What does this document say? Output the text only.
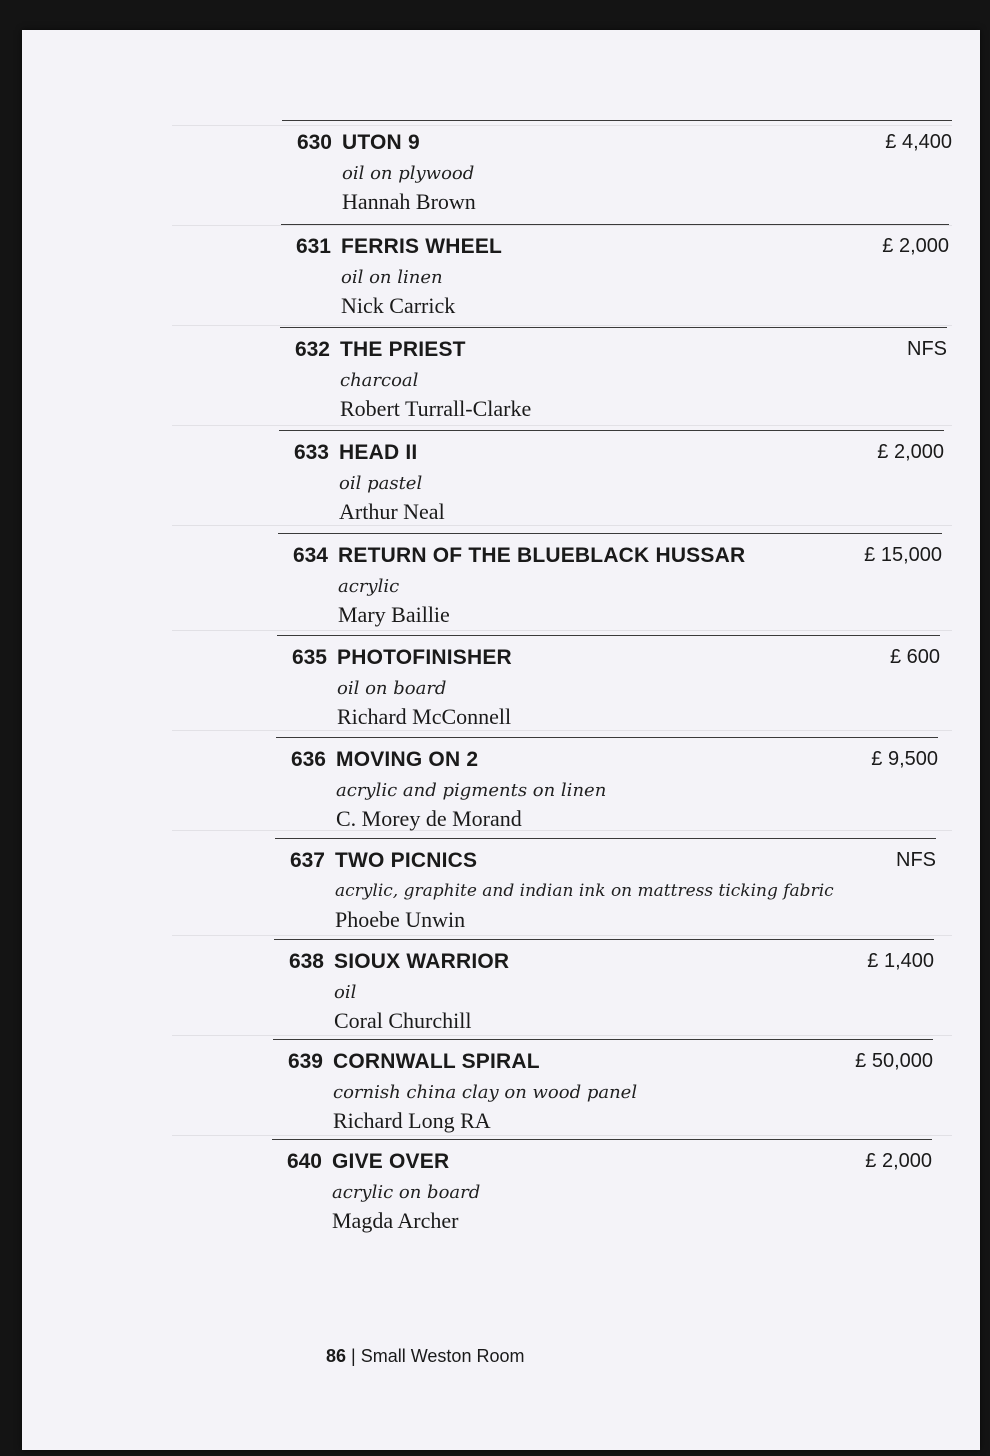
630 UTON 9
oil on plywood
Hannah Brown
£ 4,400
631 FERRIS WHEEL
oil on linen
Nick Carrick
£ 2,000
632 THE PRIEST
charcoal
Robert Turrall-Clarke
NFS
633 HEAD II
oil pastel
Arthur Neal
£ 2,000
634 RETURN OF THE BLUEBLACK HUSSAR
acrylic
Mary Baillie
£ 15,000
635 PHOTOFINISHER
oil on board
Richard McConnell
£ 600
636 MOVING ON 2
acrylic and pigments on linen
C. Morey de Morand
£ 9,500
637 TWO PICNICS
acrylic, graphite and indian ink on mattress ticking fabric
Phoebe Unwin
NFS
638 SIOUX WARRIOR
oil
Coral Churchill
£ 1,400
639 CORNWALL SPIRAL
cornish china clay on wood panel
Richard Long RA
£ 50,000
640 GIVE OVER
acrylic on board
Magda Archer
£ 2,000
86 | Small Weston Room
